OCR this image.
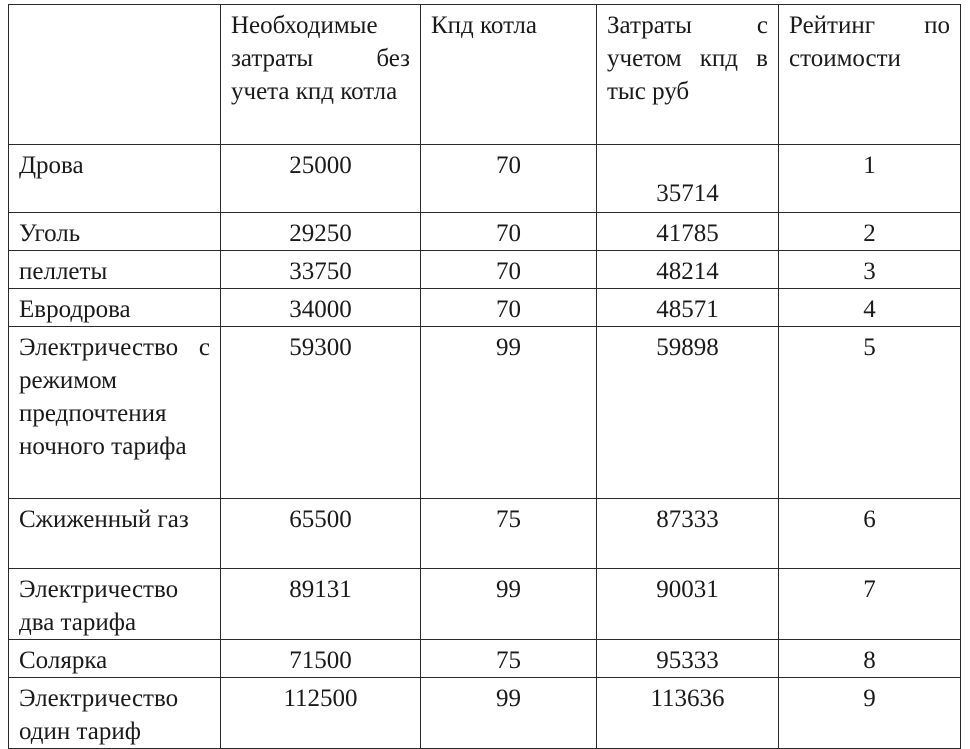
	Необходимые затраты без учета кпд котла	Кпд котла	Затраты с учетом кпд в тыс руб	Рейтинг по стоимости
Дрова	25000	70	35714	1
Уголь	29250	70	41785	2
пеллеты	33750	70	48214	3
Евродрова	34000	70	48571	4
Электричество с режимом предпочтения ночного тарифа	59300	99	59898	5
Сжиженный газ	65500	75	87333	6
Электричество два тарифа	89131	99	90031	7
Солярка	71500	75	95333	8
Электричество один тариф	112500	99	113636	9
